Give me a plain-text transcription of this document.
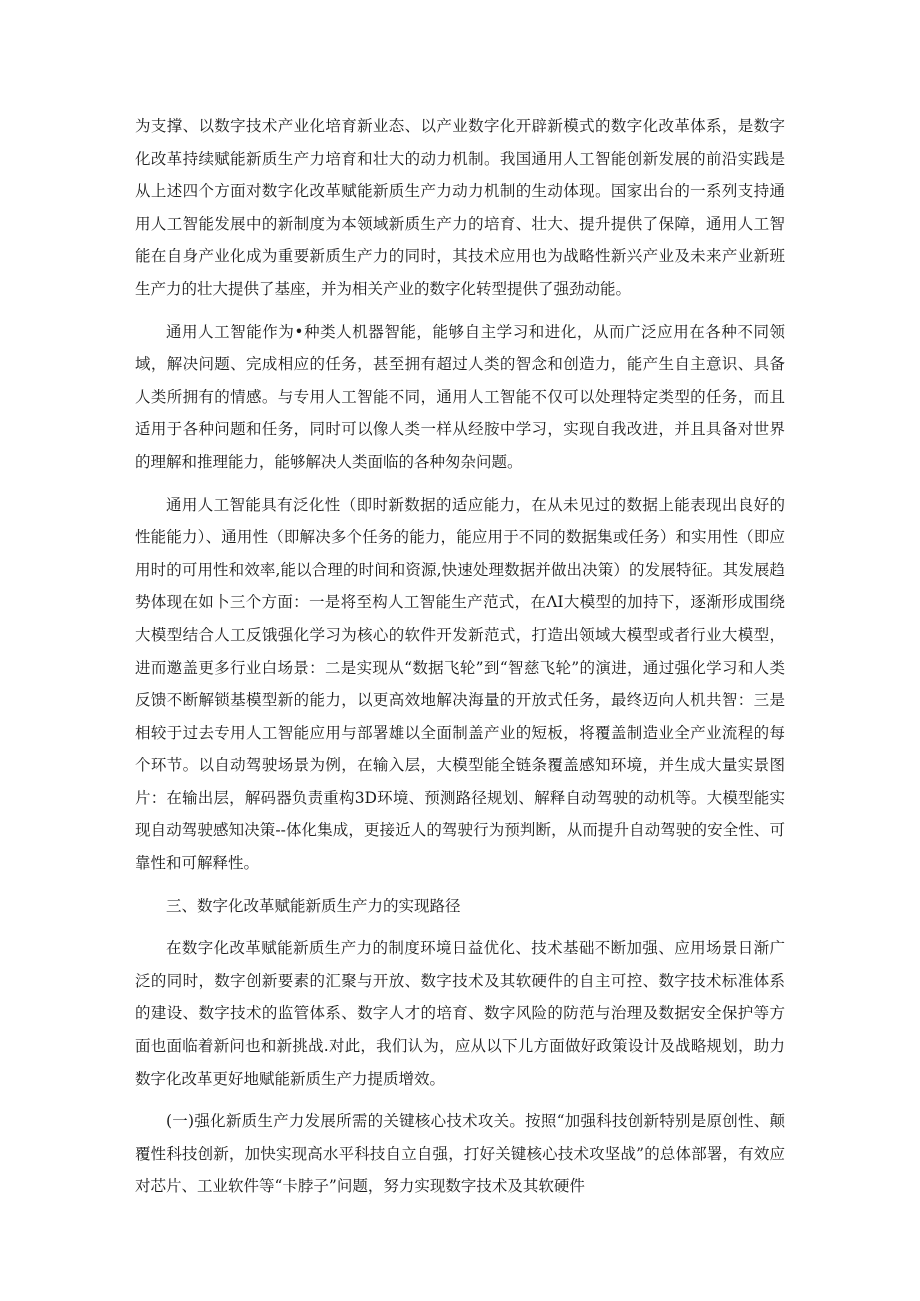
为支撑、以数字技术产业化培育新业态、以产业数字化开辟新模式的数字化改革体系，是数字化改革持续赋能新质生产力培育和壮大的动力机制。我国通用人工智能创新发展的前沿实践是从上述四个方面对数字化改革赋能新质生产力动力机制的生动体现。国家出台的一系列支持通用人工智能发展中的新制度为本领域新质生产力的培育、壮大、提升提供了保障，通用人工智能在自身产业化成为重要新质生产力的同时，其技术应用也为战略性新兴产业及未来产业新班生产力的壮大提供了基座，并为相关产业的数字化转型提供了强劲动能。

通用人工智能作为•种类人机器智能，能够自主学习和进化，从而广泛应用在各种不同领域，解决问题、完成相应的任务，甚至拥有超过人类的智念和创造力，能产生自主意识、具备人类所拥有的情感。与专用人工智能不同，通用人工智能不仅可以处理特定类型的任务，而且适用于各种问题和任务，同时可以像人类一样从经胺中学习，实现自我改进，并且具备对世界的理解和推理能力，能够解决人类面临的各种匆杂问题。

通用人工智能具有泛化性（即时新数据的适应能力，在从未见过的数据上能表现出良好的性能能力）、通用性（即解决多个任务的能力，能应用于不同的数据集或任务）和实用性（即应用时的可用性和效率,能以合理的时间和资源,快速处理数据并做出决策）的发展特征。其发展趋势体现在如卜三个方面：一是将至构人工智能生产范式，在ΛI大模型的加持下，逐渐形成围绕大模型结合人工反饿强化学习为核心的软件开发新范式，打造出领域大模型或者行业大模型，进而邀盖更多行业白场景：二是实现从“数据飞轮”到“智慈飞轮”的演进，通过强化学习和人类反馈不断解锁基模型新的能力，以更高效地解决海量的开放式任务，最终迈向人机共智：三是相较于过去专用人工智能应用与部署雄以全面制盖产业的短板，将覆盖制造业全产业流程的每个环节。以自动驾驶场景为例，在输入层，大模型能全链条覆盖感知环境，并生成大量实景图片：在输出层，解码器负责重构3D环境、预测路径规划、解释自动驾驶的动机等。大模型能实现自动驾驶感知决策--体化集成，更接近人的驾驶行为预判断，从而提升自动驾驶的安全性、可靠性和可解释性。

三、数字化改革赋能新质生产力的实现路径

在数字化改革赋能新质生产力的制度环境日益优化、技术基础不断加强、应用场景日渐广泛的同时，数字创新要素的汇聚与开放、数字技术及其软硬件的自主可控、数字技术标准体系的建设、数字技术的监管体系、数字人才的培育、数字风险的防范与治理及数据安全保护等方面也面临着新问也和新挑战.对此，我们认为，应从以下儿方面做好政策设计及战略规划，助力数字化改革更好地赋能新质生产力提质增效。

(一)强化新质生产力发展所需的关键核心技术攻关。按照“加强科技创新特别是原创性、颠覆性科技创新，加快实现高水平科技自立自强，打好关键核心技术攻坚战”的总体部署，有效应对芯片、工业软件等“卡脖子”问题，努力实现数字技术及其软硬件
